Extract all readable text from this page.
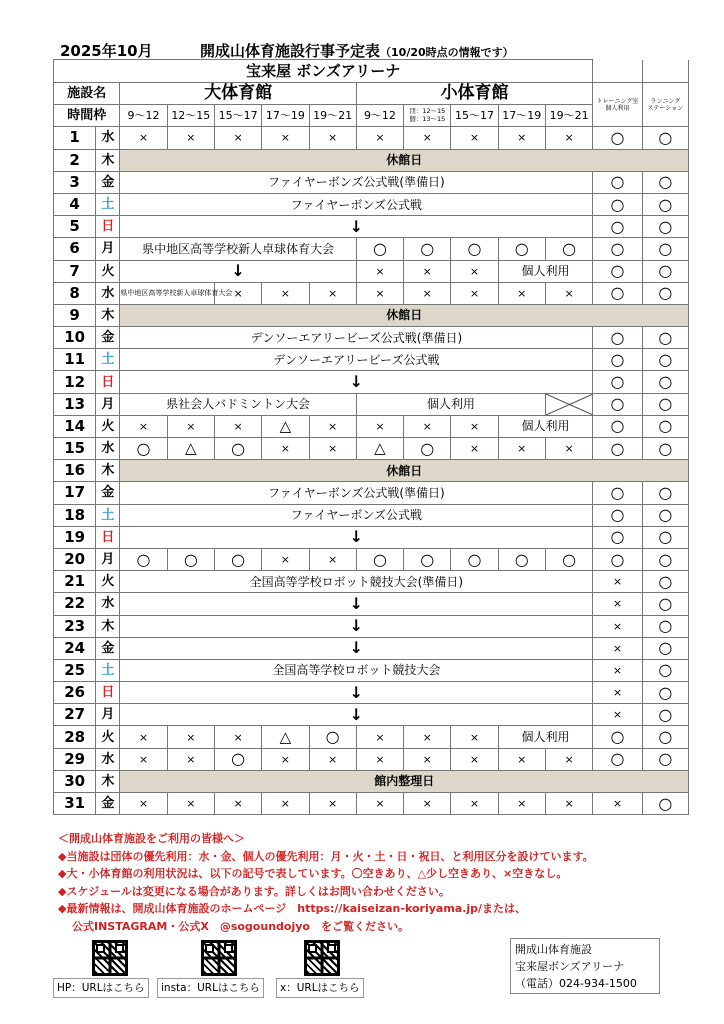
2025年10月	開成山体育施設行事予定表（10/20時点の情報です）
宝来屋 ボンズアリーナ													
施設名		大体育館					小体育館					トレーニング室 個人利用	ランニング ステーション

時間枠		9～12	12～15	15～17	17～19	19～21	9～12	団：12～15 個：13～15	15～17	17～19	19～21		
1	水	×	×	×	×	×	×	×	×	×	×	○	○
2	木	休館日											
3	金	ファイヤーボンズ公式戦(準備日)										○	○
4	土	ファイヤーボンズ公式戦										○	○
5	日	↓										○	○
6	月	県中地区高等学校新人卓球体育大会					○	○	○	○	○	○	○
7	火	↓					×	×	×	個人利用		○	○
8	水	県中地区高等学校新人卓球体育大会		×	×	×	×	×	×	×	×	○	○
9	木	休館日											
10	金	デンソーエアリービーズ公式戦(準備日)										○	○
11	土	デンソーエアリービーズ公式戦										○	○
12	日	↓										○	○
13	月	県社会人バドミントン大会					個人利用					○	○
14	火	×	×	×	△	×	×	×	×	個人利用		○	○
15	水	○	△	○	×	×	△	○	×	×	×	○	○
16	木	休館日											
17	金	ファイヤーボンズ公式戦(準備日)										○	○
18	土	ファイヤーボンズ公式戦										○	○
19	日	↓										○	○
20	月	○	○	○	×	×	○	○	○	○	○	○	○
21	火	全国高等学校ロボット競技大会(準備日)										×	○
22	水	↓										×	○
23	木	↓										×	○
24	金	↓										×	○
25	土	全国高等学校ロボット競技大会										×	○
26	日	↓										×	○
27	月	↓										×	○
28	火	×	×	×	△	○	×	×	×	個人利用		○	○
29	水	×	×	○	×	×	×	×	×	×	×	○	○
30	木	館内整理日											
31	金	×	×	×	×	×	×	×	×	×	×	×	○
＜開成山体育施設をご利用の皆様へ＞
◆当施設は団体の優先利用：水・金、個人の優先利用：月・火・土・日・祝日、と利用区分を設けています。
◆大・小体育館の利用状況は、以下の記号で表しています。〇空きあり、△少し空きあり、×空きなし。
◆スケジュールは変更になる場合があります。詳しくはお問い合わせください。
◆最新情報は、開成山体育施設のホームページ　https://kaiseizan-koriyama.jp/または、
公式INSTAGRAM・公式X　@sogoundojyo　をご覧ください。
HP：URLはこちら	insta：URLはこちら	x：URLはこちら
開成山体育施設
宝来屋ボンズアリーナ
（電話）024-934-1500
